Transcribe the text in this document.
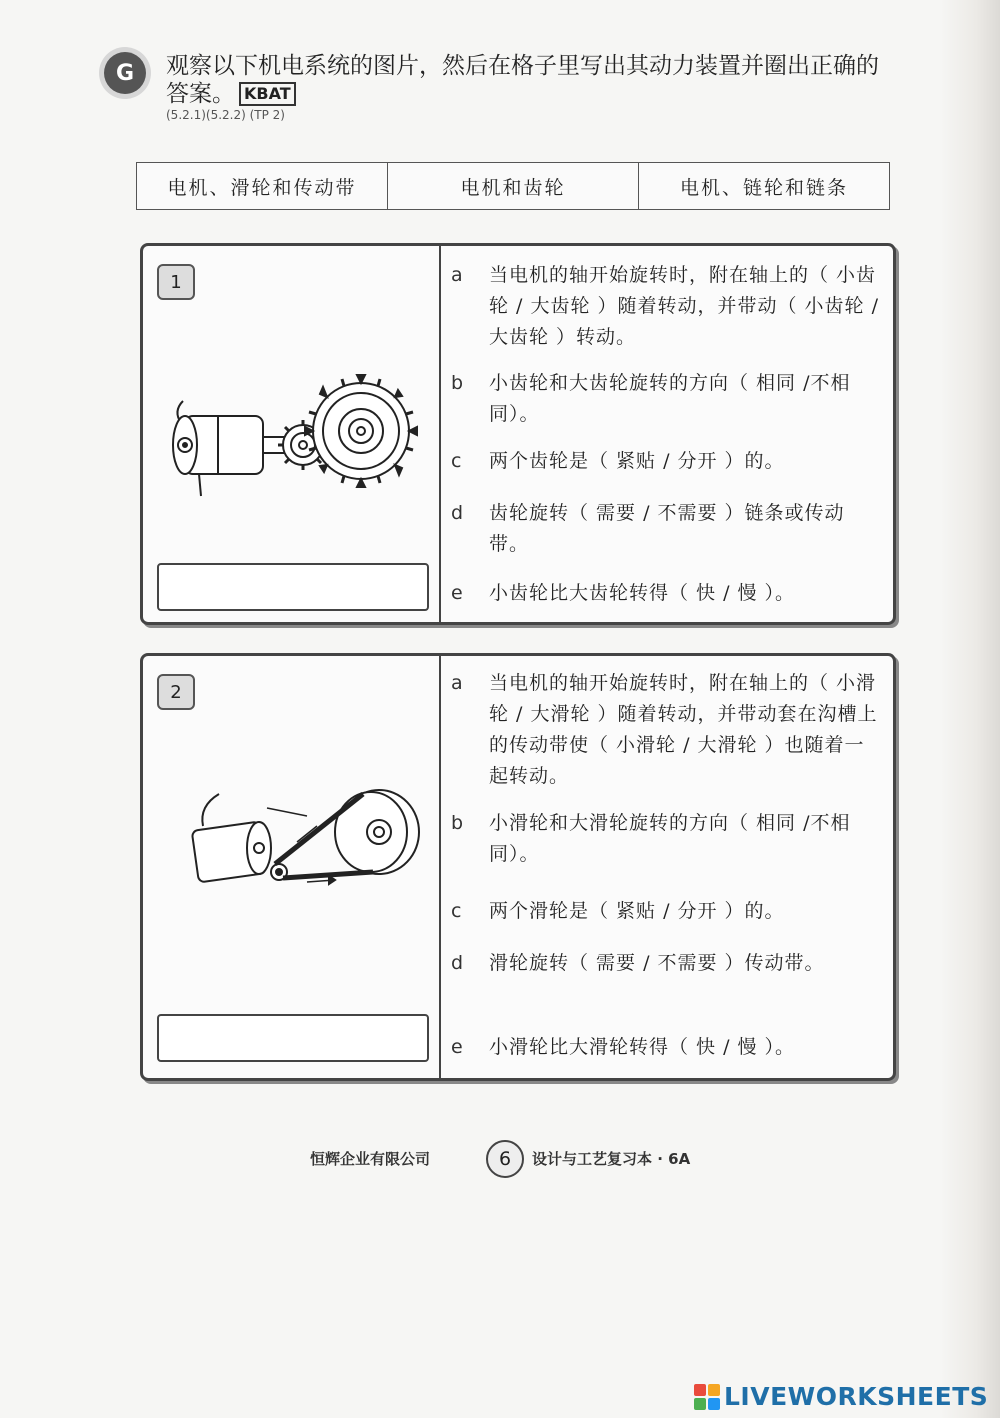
G	观察以下机电系统的图片，然后在格子里写出其动力装置并圈出正确的答案。 KBAT
(5.2.1)(5.2.2) (TP 2)
电机、滑轮和传动带	电机和齿轮	电机、链轮和链条
1	a 当电机的轴开始旋转时，附在轴上的（ 小齿轮 / 大齿轮 ）随着转动，并带动（ 小齿轮 / 大齿轮 ）转动。
b 小齿轮和大齿轮旋转的方向（ 相同 /不相同）。
c 两个齿轮是（ 紧贴 / 分开 ）的。
d 齿轮旋转（ 需要 / 不需要 ）链条或传动带。
e 小齿轮比大齿轮转得（ 快 / 慢 ）。
2	a 当电机的轴开始旋转时，附在轴上的（ 小滑轮 / 大滑轮 ）随着转动，并带动套在沟槽上的传动带使（ 小滑轮 / 大滑轮 ）也随着一起转动。
b 小滑轮和大滑轮旋转的方向（ 相同 /不相同）。
c 两个滑轮是（ 紧贴 / 分开 ）的。
d 滑轮旋转（ 需要 / 不需要 ）传动带。
e 小滑轮比大滑轮转得（ 快 / 慢 ）。
恒辉企业有限公司	6	设计与工艺复习本 · 6A
LIVEWORKSHEETS
